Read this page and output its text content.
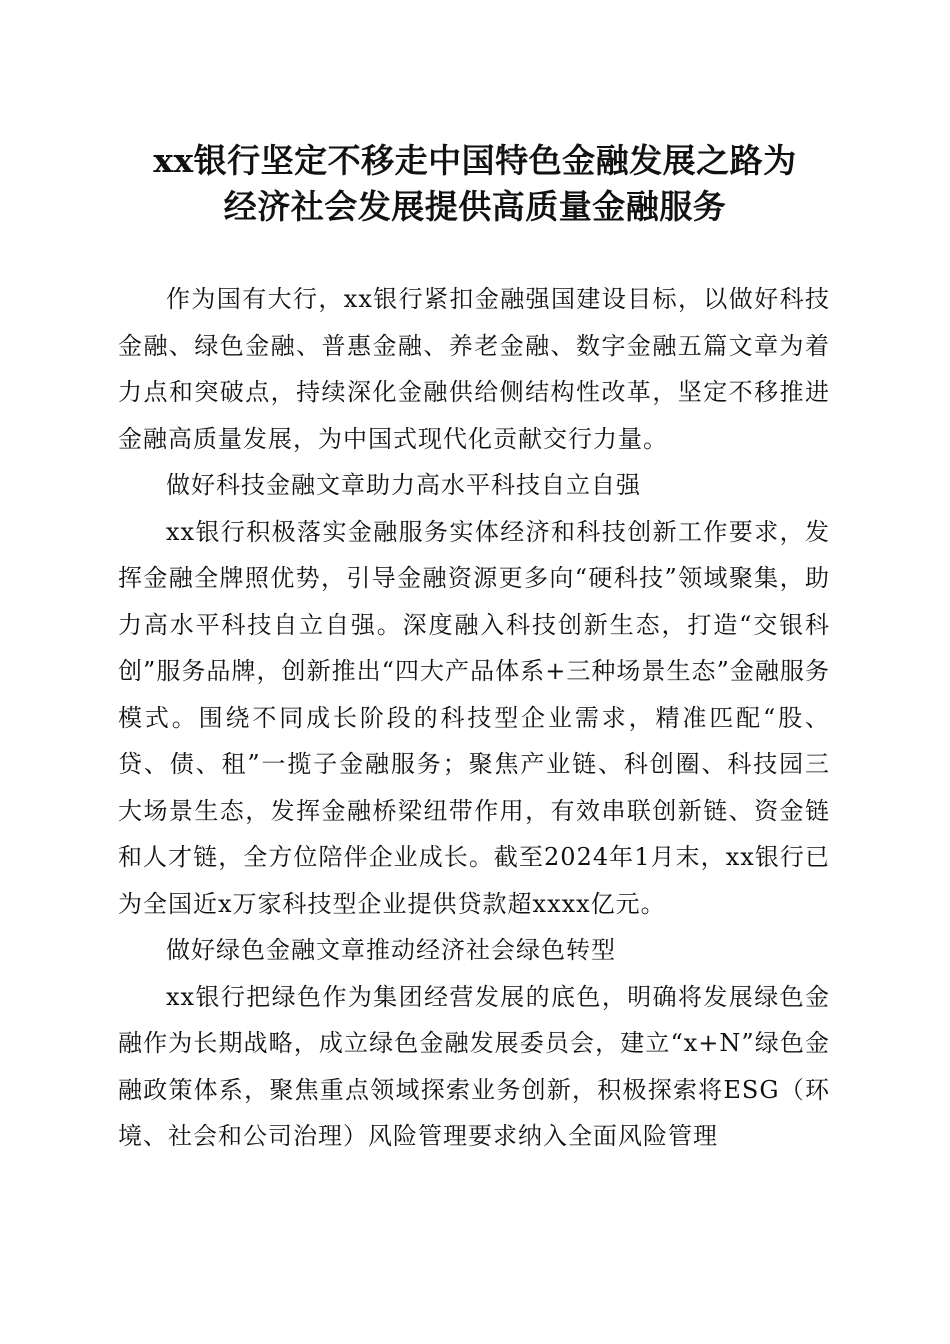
xx银行坚定不移走中国特色金融发展之路为
经济社会发展提供高质量金融服务

作为国有大行，xx银行紧扣金融强国建设目标，以做好科技金融、绿色金融、普惠金融、养老金融、数字金融五篇文章为着力点和突破点，持续深化金融供给侧结构性改革，坚定不移推进金融高质量发展，为中国式现代化贡献交行力量。

做好科技金融文章助力高水平科技自立自强

xx银行积极落实金融服务实体经济和科技创新工作要求，发挥金融全牌照优势，引导金融资源更多向“硬科技”领域聚集，助力高水平科技自立自强。深度融入科技创新生态，打造“交银科创”服务品牌，创新推出“四大产品体系+三种场景生态”金融服务模式。围绕不同成长阶段的科技型企业需求，精准匹配“股、贷、债、租”一揽子金融服务；聚焦产业链、科创圈、科技园三大场景生态，发挥金融桥梁纽带作用，有效串联创新链、资金链和人才链，全方位陪伴企业成长。截至2024年1月末，xx银行已为全国近x万家科技型企业提供贷款超xxxx亿元。

做好绿色金融文章推动经济社会绿色转型

xx银行把绿色作为集团经营发展的底色，明确将发展绿色金融作为长期战略，成立绿色金融发展委员会，建立“x+N”绿色金融政策体系，聚焦重点领域探索业务创新，积极探索将ESG（环境、社会和公司治理）风险管理要求纳入全面风险管理
